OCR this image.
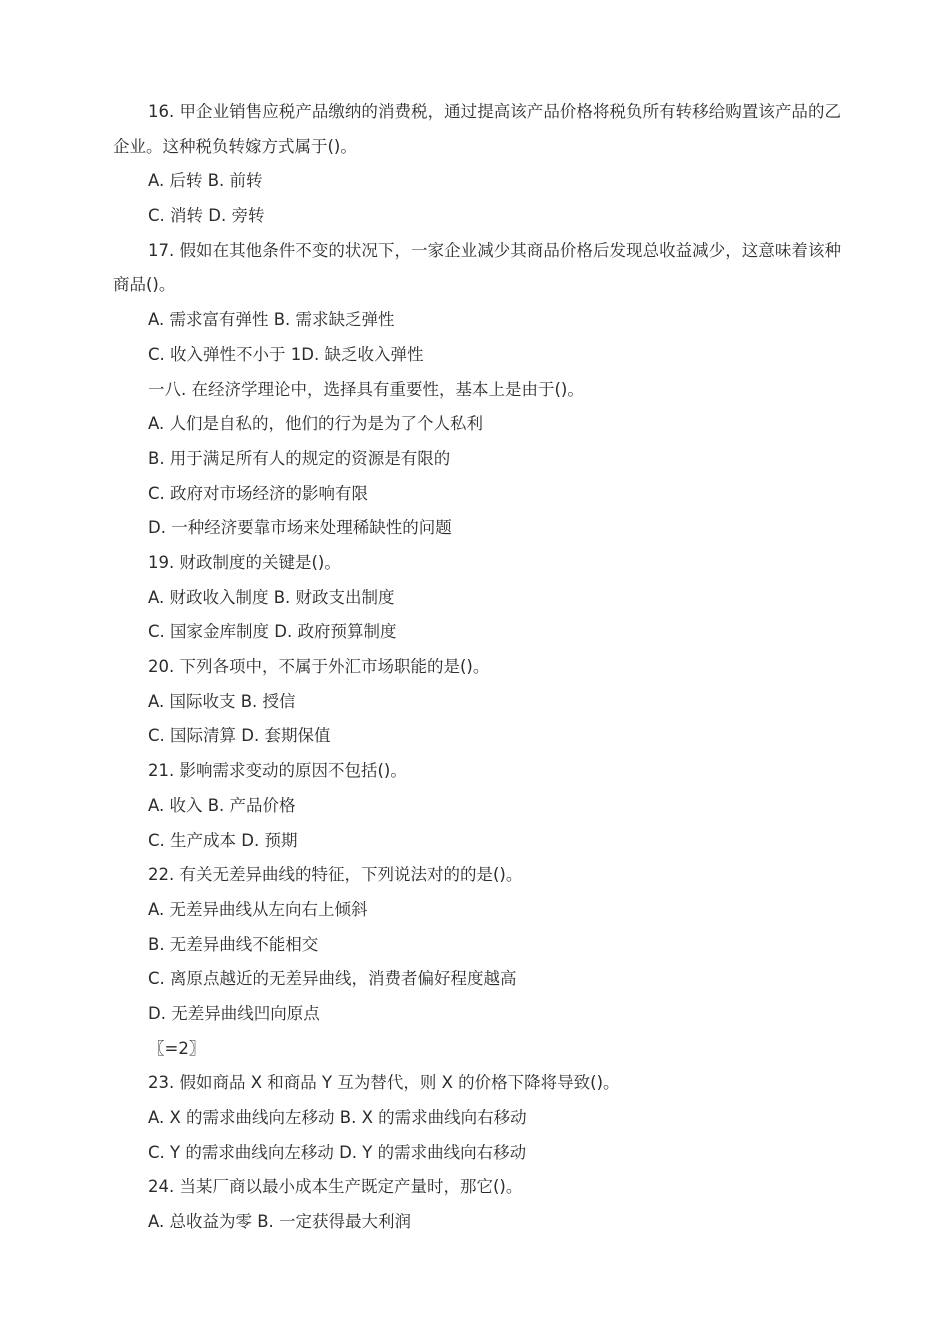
16. 甲企业销售应税产品缴纳的消费税，通过提高该产品价格将税负所有转移给购置该产品的乙企业。这种税负转嫁方式属于()。
A. 后转 B. 前转
C. 消转 D. 旁转
17. 假如在其他条件不变的状况下，一家企业减少其商品价格后发现总收益减少，这意味着该种商品()。
A. 需求富有弹性 B. 需求缺乏弹性
C. 收入弹性不小于 1D. 缺乏收入弹性
一八. 在经济学理论中，选择具有重要性，基本上是由于()。
A. 人们是自私的，他们的行为是为了个人私利
B. 用于满足所有人的规定的资源是有限的
C. 政府对市场经济的影响有限
D. 一种经济要靠市场来处理稀缺性的问题
19. 财政制度的关键是()。
A. 财政收入制度 B. 财政支出制度
C. 国家金库制度 D. 政府预算制度
20. 下列各项中，不属于外汇市场职能的是()。
A. 国际收支 B. 授信
C. 国际清算 D. 套期保值
21. 影响需求变动的原因不包括()。
A. 收入 B. 产品价格
C. 生产成本 D. 预期
22. 有关无差异曲线的特征，下列说法对的的是()。
A. 无差异曲线从左向右上倾斜
B. 无差异曲线不能相交
C. 离原点越近的无差异曲线，消费者偏好程度越高
D. 无差异曲线凹向原点
〖=2〗
23. 假如商品 X 和商品 Y 互为替代，则 X 的价格下降将导致()。
A. X 的需求曲线向左移动 B. X 的需求曲线向右移动
C. Y 的需求曲线向左移动 D. Y 的需求曲线向右移动
24. 当某厂商以最小成本生产既定产量时，那它()。
A. 总收益为零 B. 一定获得最大利润
